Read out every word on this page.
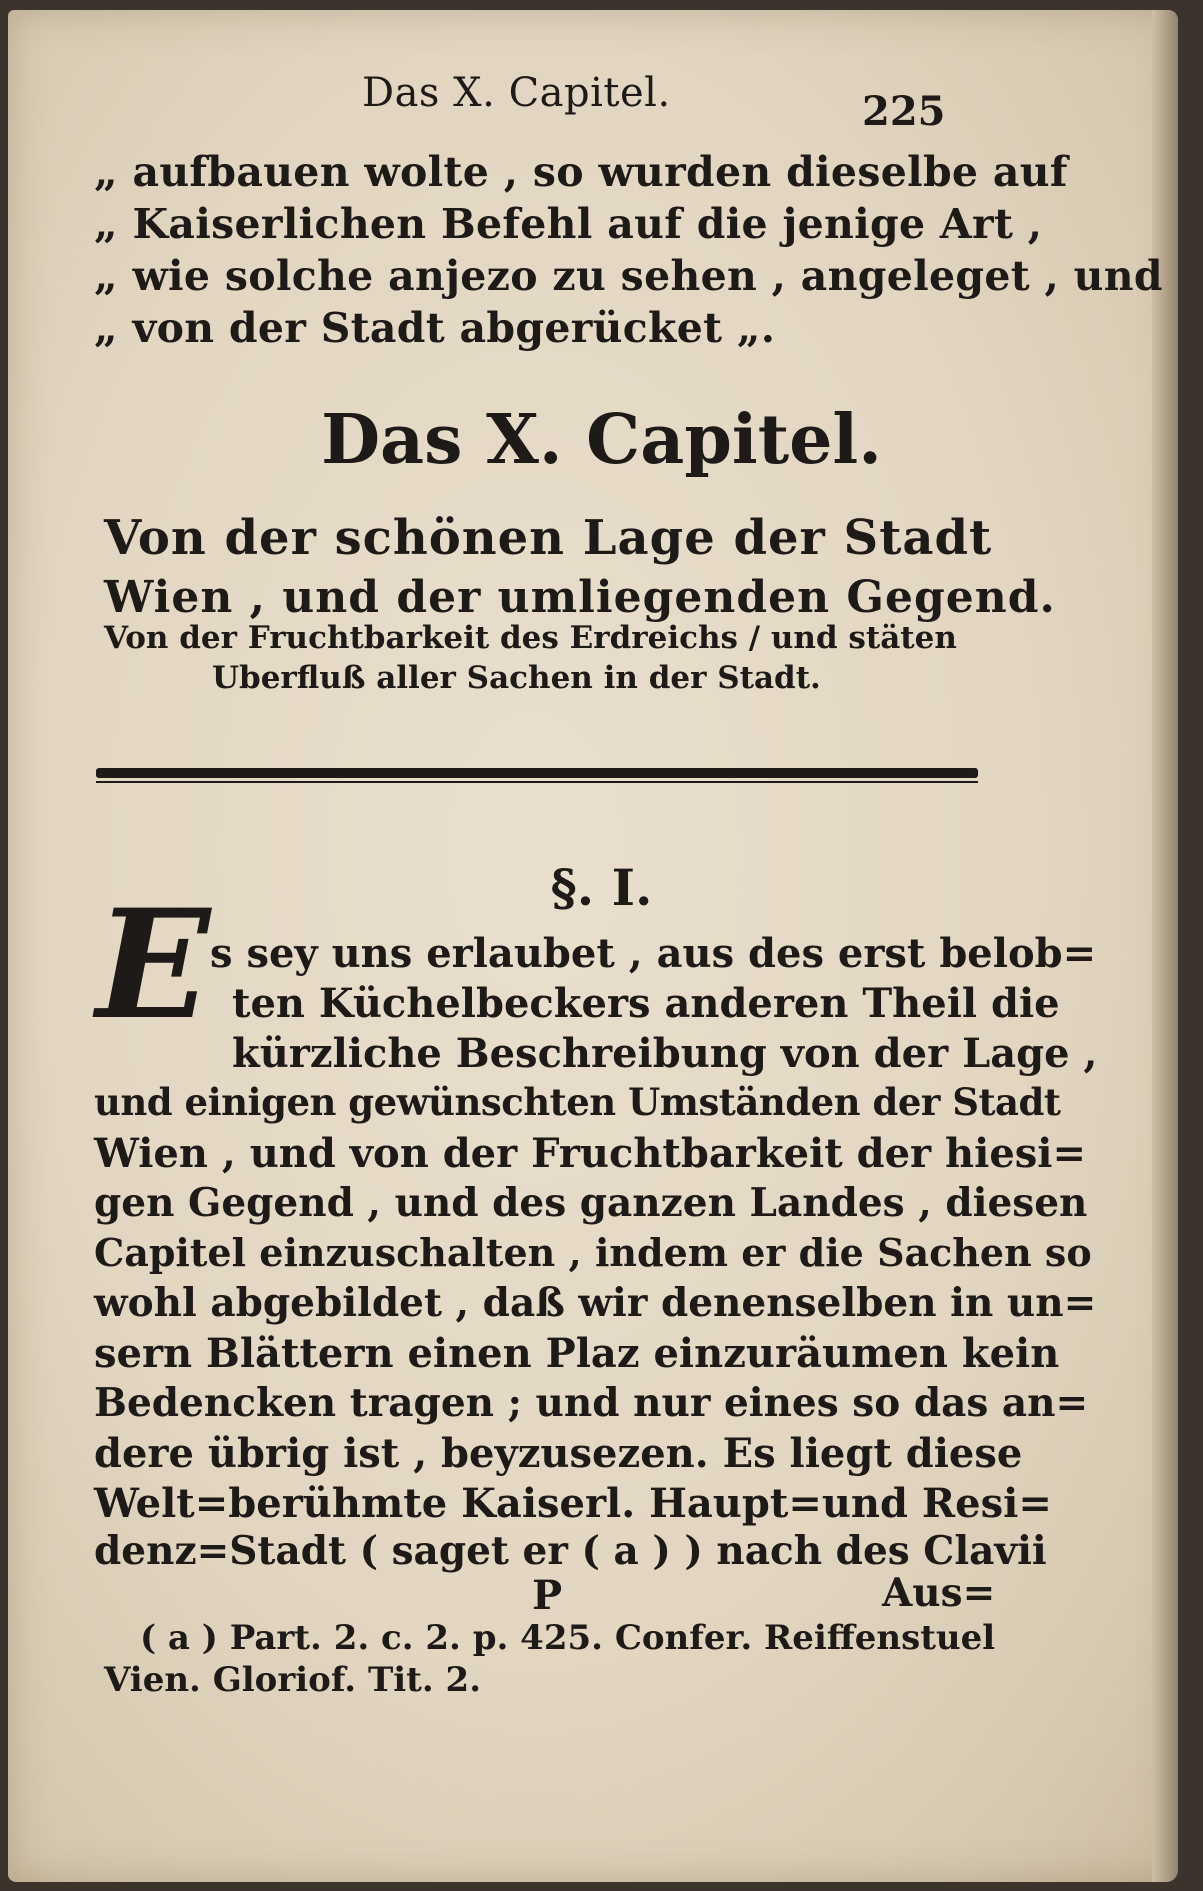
Das X. Capitel.	225
„ aufbauen wolte , so wurden dieselbe auf
„ Kaiserlichen Befehl auf die jenige Art ,
„ wie solche anjezo zu sehen , angeleget , und
„ von der Stadt abgerücket „.
Das X. Capitel.
Von der schönen Lage der Stadt
Wien , und der umliegenden Gegend.
Von der Fruchtbarkeit des Erdreichs / und stäten
Uberfluß aller Sachen in der Stadt.
§. I.
E s sey uns erlaubet , aus des erst belob=
ten Küchelbeckers anderen Theil die
kürzliche Beschreibung von der Lage ,
und einigen gewünschten Umständen der Stadt
Wien , und von der Fruchtbarkeit der hiesi=
gen Gegend , und des ganzen Landes , diesen
Capitel einzuschalten , indem er die Sachen so
wohl abgebildet , daß wir denenselben in un=
sern Blättern einen Plaz einzuräumen kein
Bedencken tragen ; und nur eines so das an=
dere übrig ist , beyzusezen. Es liegt diese
Welt=berühmte Kaiserl. Haupt=und Resi=
denz=Stadt ( saget er ( a ) ) nach des Clavii
P	Aus=
( a ) Part. 2. c. 2. p. 425. Confer. Reiffenstuel
Vien. Gloriof. Tit. 2.
